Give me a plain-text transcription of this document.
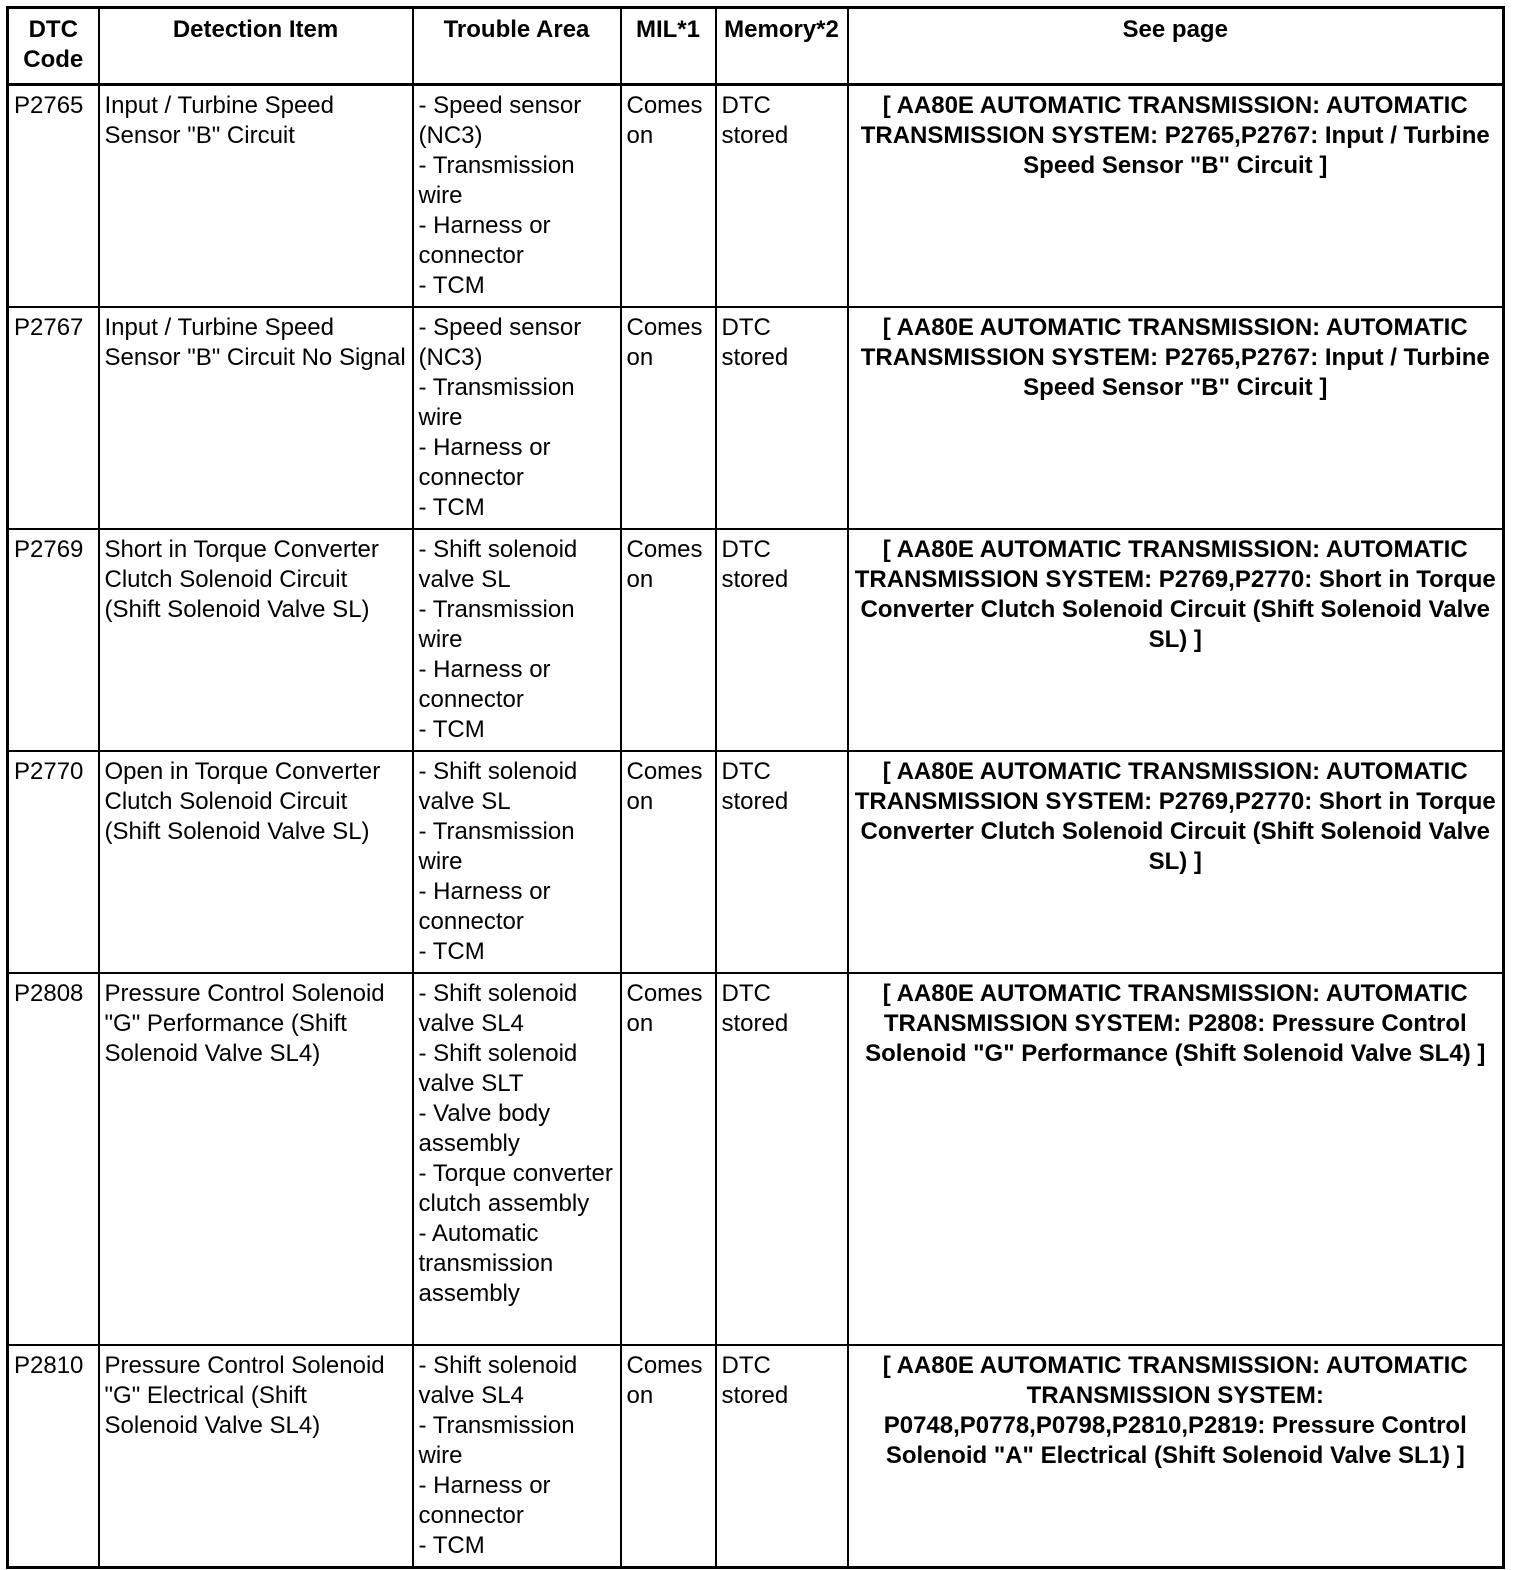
DTC
Code	Detection Item	Trouble Area	MIL*1	Memory*2	See page
P2765	Input / Turbine Speed Sensor "B" Circuit	- Speed sensor (NC3)
- Transmission wire
- Harness or connector
- TCM	Comes on	DTC stored	[ AA80E AUTOMATIC TRANSMISSION: AUTOMATIC TRANSMISSION SYSTEM: P2765,P2767: Input / Turbine Speed Sensor "B" Circuit ]
P2767	Input / Turbine Speed Sensor "B" Circuit No Signal	- Speed sensor (NC3)
- Transmission wire
- Harness or connector
- TCM	Comes on	DTC stored	[ AA80E AUTOMATIC TRANSMISSION: AUTOMATIC TRANSMISSION SYSTEM: P2765,P2767: Input / Turbine Speed Sensor "B" Circuit ]
P2769	Short in Torque Converter Clutch Solenoid Circuit (Shift Solenoid Valve SL)	- Shift solenoid valve SL
- Transmission wire
- Harness or connector
- TCM	Comes on	DTC stored	[ AA80E AUTOMATIC TRANSMISSION: AUTOMATIC TRANSMISSION SYSTEM: P2769,P2770: Short in Torque Converter Clutch Solenoid Circuit (Shift Solenoid Valve SL) ]
P2770	Open in Torque Converter Clutch Solenoid Circuit (Shift Solenoid Valve SL)	- Shift solenoid valve SL
- Transmission wire
- Harness or connector
- TCM	Comes on	DTC stored	[ AA80E AUTOMATIC TRANSMISSION: AUTOMATIC TRANSMISSION SYSTEM: P2769,P2770: Short in Torque Converter Clutch Solenoid Circuit (Shift Solenoid Valve SL) ]
P2808	Pressure Control Solenoid "G" Performance (Shift Solenoid Valve SL4)	- Shift solenoid valve SL4
- Shift solenoid valve SLT
- Valve body assembly
- Torque converter clutch assembly
- Automatic transmission assembly	Comes on	DTC stored	[ AA80E AUTOMATIC TRANSMISSION: AUTOMATIC TRANSMISSION SYSTEM: P2808: Pressure Control Solenoid "G" Performance (Shift Solenoid Valve SL4) ]
P2810	Pressure Control Solenoid "G" Electrical (Shift Solenoid Valve SL4)	- Shift solenoid valve SL4
- Transmission wire
- Harness or connector
- TCM	Comes on	DTC stored	[ AA80E AUTOMATIC TRANSMISSION: AUTOMATIC TRANSMISSION SYSTEM: P0748,P0778,P0798,P2810,P2819: Pressure Control Solenoid "A" Electrical (Shift Solenoid Valve SL1) ]
